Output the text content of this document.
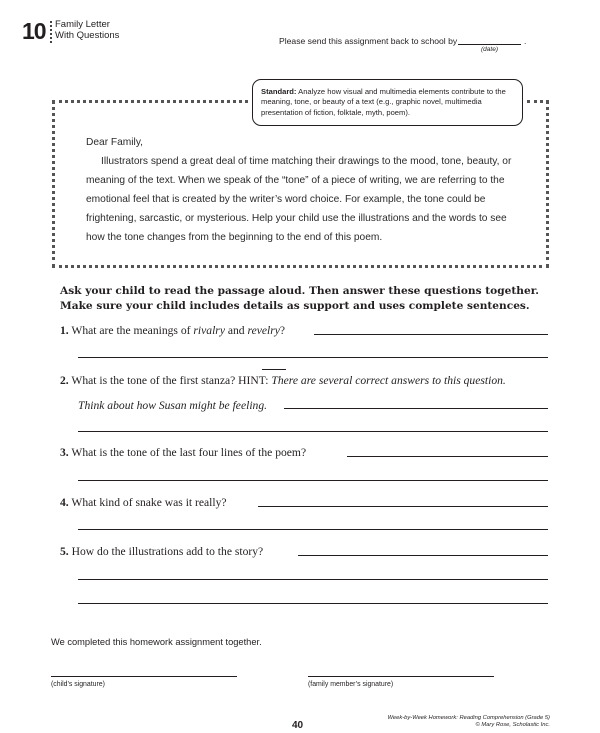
10 Family Letter
With Questions	Please send this assignment back to school by	.
(date)
Standard: Analyze how visual and multimedia elements contribute to the meaning, tone, or beauty of a text (e.g., graphic novel, multimedia presentation of fiction, folktale, myth, poem).
Dear Family,
Illustrators spend a great deal of time matching their drawings to the mood, tone, beauty, or meaning of the text. When we speak of the “tone” of a piece of writing, we are referring to the emotional feel that is created by the writer’s word choice. For example, the tone could be frightening, sarcastic, or mysterious. Help your child use the illustrations and the words to see how the tone changes from the beginning to the end of this poem.
Ask your child to read the passage aloud. Then answer these questions together. Make sure your child includes details as support and uses complete sentences.
1. What are the meanings of rivalry and revelry?
2. What is the tone of the first stanza? HINT: There are several correct answers to this question.
Think about how Susan might be feeling.
3. What is the tone of the last four lines of the poem?
4. What kind of snake was it really?
5. How do the illustrations add to the story?
We completed this homework assignment together.
(child’s signature)	(family member’s signature)
40
Week-by-Week Homework: Reading Comprehension (Grade 5)
© Mary Rose, Scholastic Inc.
